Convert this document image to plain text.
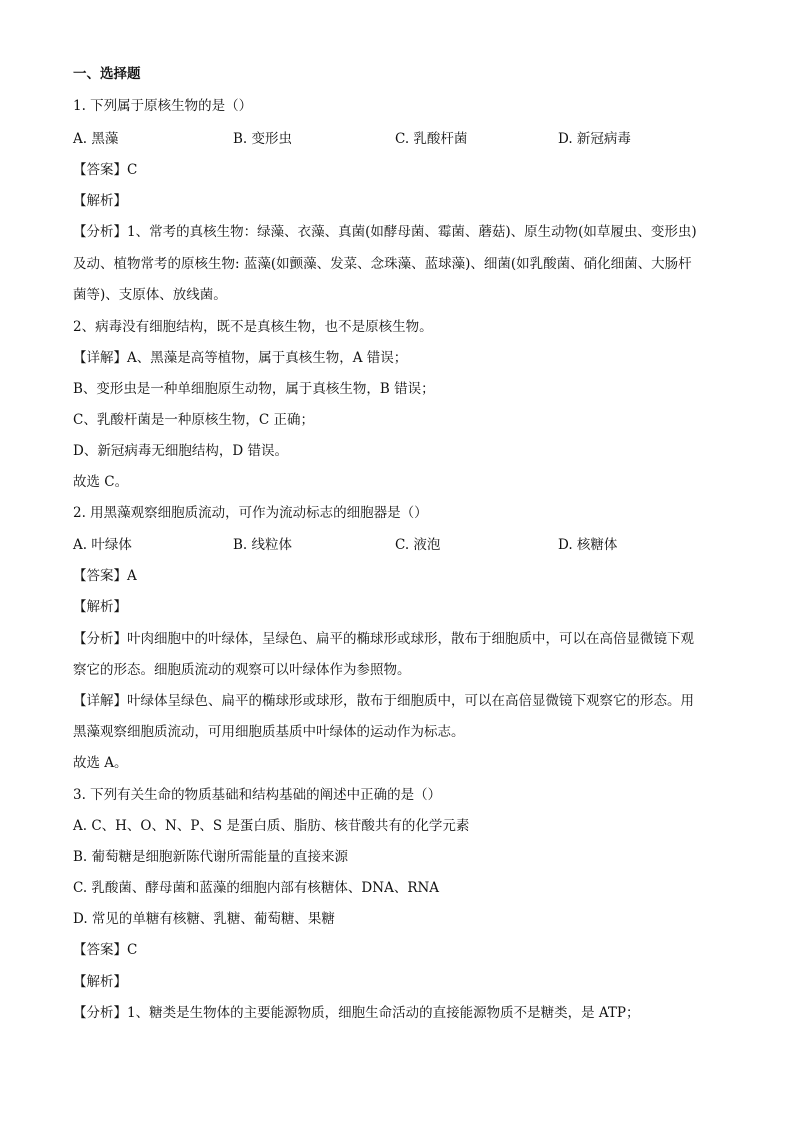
一、选择题
1. 下列属于原核生物的是（）
A. 黑藻	B. 变形虫	C. 乳酸杆菌	D. 新冠病毒
【答案】C
【解析】
【分析】1、常考的真核生物：绿藻、衣藻、真菌(如酵母菌、霉菌、蘑菇)、原生动物(如草履虫、变形虫)
及动、植物常考的原核生物: 蓝藻(如颤藻、发菜、念珠藻、蓝球藻)、细菌(如乳酸菌、硝化细菌、大肠杆
菌等)、支原体、放线菌。
2、病毒没有细胞结构，既不是真核生物，也不是原核生物。
【详解】A、黑藻是高等植物，属于真核生物，A 错误；
B、变形虫是一种单细胞原生动物，属于真核生物，B 错误；
C、乳酸杆菌是一种原核生物，C 正确；
D、新冠病毒无细胞结构，D 错误。
故选 C。
2. 用黑藻观察细胞质流动，可作为流动标志的细胞器是（）
A. 叶绿体	B. 线粒体	C. 液泡	D. 核糖体
【答案】A
【解析】
【分析】叶肉细胞中的叶绿体，呈绿色、扁平的椭球形或球形，散布于细胞质中，可以在高倍显微镜下观
察它的形态。细胞质流动的观察可以叶绿体作为参照物。
【详解】叶绿体呈绿色、扁平的椭球形或球形，散布于细胞质中，可以在高倍显微镜下观察它的形态。用
黑藻观察细胞质流动，可用细胞质基质中叶绿体的运动作为标志。
故选 A。
3. 下列有关生命的物质基础和结构基础的阐述中正确的是（）
A. C、H、O、N、P、S 是蛋白质、脂肪、核苷酸共有的化学元素
B. 葡萄糖是细胞新陈代谢所需能量的直接来源
C. 乳酸菌、酵母菌和蓝藻的细胞内部有核糖体、DNA、RNA
D. 常见的单糖有核糖、乳糖、葡萄糖、果糖
【答案】C
【解析】
【分析】1、糖类是生物体的主要能源物质，细胞生命活动的直接能源物质不是糖类，是 ATP；
